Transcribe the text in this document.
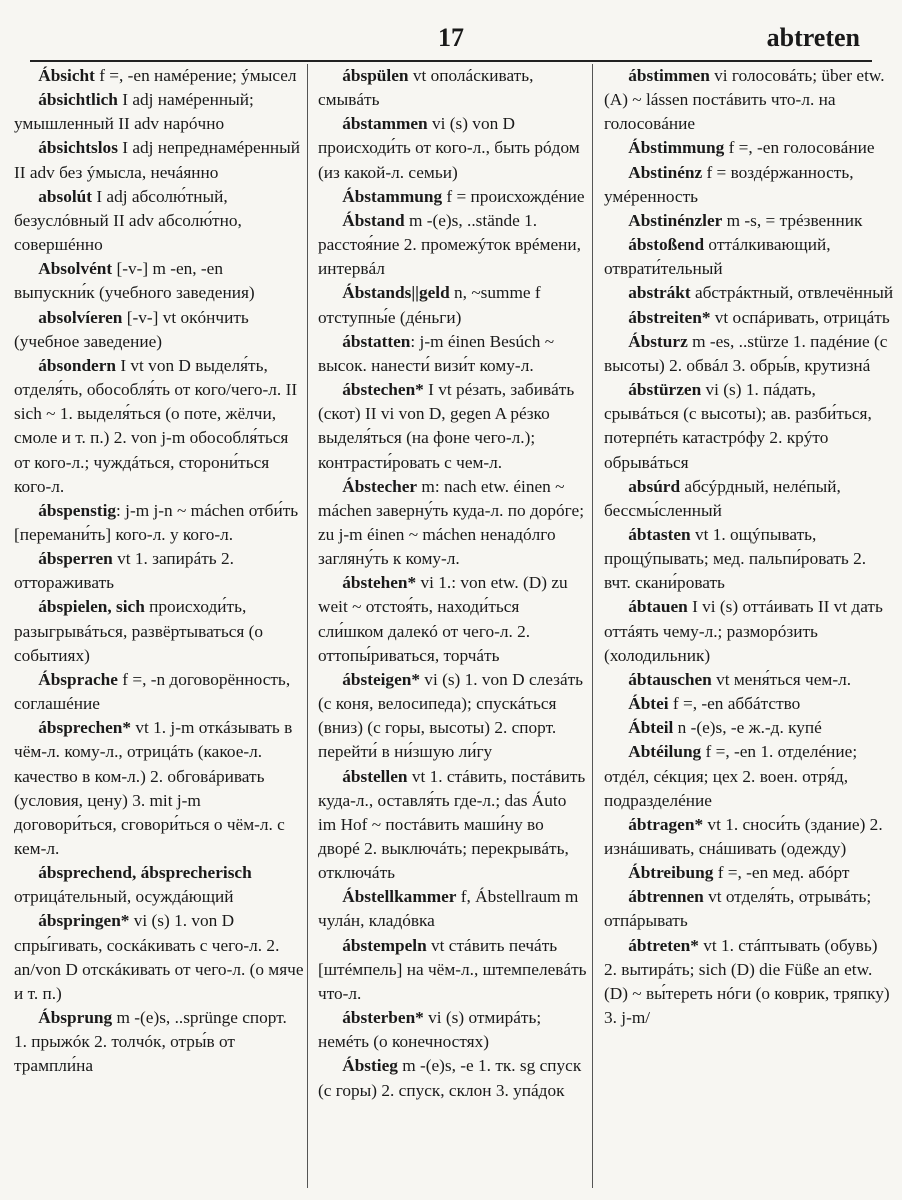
17	abtreten

Ábsicht f =, -en намéрение; ýмысел

ábsichtlich I adj намéренный; умышленный II adv нарóчно

ábsichtslos I adj непреднамéренный II adv без ýмысла, нечáянно

absolút I adj абсолю́тный, безуслóвный II adv абсолю́тно, совершéнно

Absolvént [-v-] m -en, -en выпускни́к (учебного заведения)

absolvíeren [-v-] vt окóнчить (учебное заведение)

ábsondern I vt von D выделя́ть, отделя́ть, обособля́ть от кого/чего-л. II sich ~ 1. выделя́ться (о поте, жёлчи, смоле и т. п.) 2. von j-m обособля́ться от кого-л.; чуждáться, сторони́ться кого-л.

ábspenstig: j-m j-n ~ máchen отби́ть [перемани́ть] кого-л. у кого-л.

ábsperren vt 1. запирáть 2. оттораживать

ábspielen, sich происходи́ть, разыгрывáться, развёртываться (о событиях)

Ábsprache f =, -n договорённость, соглашéние

ábsprechen* vt 1. j-m откáзывать в чём-л. кому-л., отрицáть (какое-л. качество в ком-л.) 2. обговáривать (условия, цену) 3. mit j-m договори́ться, сговори́ться о чём-л. с кем-л.

ábsprechend, ábsprecherisch отрицáтельный, осуждáющий

ábspringen* vi (s) 1. von D спры́гивать, соскáкивать с чего-л. 2. an/von D отскáкивать от чего-л. (о мяче и т. п.)

Ábsprung m -(e)s, ..sprünge спорт. 1. прыжóк 2. толчóк, отры́в от трампли́на

ábspülen vt ополáскивать, смывáть

ábstammen vi (s) von D происходи́ть от кого-л., быть рóдом (из какой-л. семьи)

Ábstammung f = происхождéние

Ábstand m -(e)s, ..stände 1. расстоя́ние 2. промежýток врéмени, интервáл

Ábstands||geld n, ~summe f отступны́е (дéньги)

ábstatten: j-m éinen Besúch ~ высок. нанести́ визи́т кому-л.

ábstechen* I vt рéзать, забивáть (скот) II vi von D, gegen A рéзко выделя́ться (на фоне чего-л.); контрасти́ровать с чем-л.

Ábstecher m: nach etw. éinen ~ máchen заверну́ть куда-л. по дорóге; zu j-m éinen ~ máchen ненадóлго загляну́ть к кому-л.

ábstehen* vi 1.: von etw. (D) zu weit ~ отстоя́ть, находи́ться сли́шком далекó от чего-л. 2. оттопы́риваться, торчáть

ábsteigen* vi (s) 1. von D слезáть (с коня, велосипеда); спускáться (вниз) (с горы, высоты) 2. спорт. перейти́ в ни́зшую ли́гу

ábstellen vt 1. стáвить, постáвить куда-л., оставля́ть где-л.; das Áuto im Hof ~ постáвить маши́ну во дворé 2. выключáть; перекрывáть, отключáть

Ábstellkammer f, Ábstellraum m чулáн, кладóвка

ábstempeln vt стáвить печáть [штéмпель] на чём-л., штемпелевáть что-л.

ábsterben* vi (s) отмирáть; немéть (о конечностях)

Ábstieg m -(e)s, -e 1. тк. sg спуск (с горы) 2. спуск, склон 3. упáдок

ábstimmen vi голосовáть; über etw. (A) ~ lássen постáвить что-л. на голосовáние

Ábstimmung f =, -en голосовáние

Abstinénz f = воздéржанность, умéренность

Abstinénzler m -s, = трéзвенник

ábstoßend оттáлкивающий, отврати́тельный

abstrákt абстрáктный, отвлечённый

ábstreiten* vt оспáривать, отрицáть

Ábsturz m -es, ..stürze 1. падéние (с высоты) 2. обвáл 3. обры́в, крутизнá

ábstürzen vi (s) 1. пáдать, срывáться (с высоты); ав. разби́ться, потерпéть катастрóфу 2. крýто обрывáться

absúrd абсýрдный, нелéпый, бессмы́сленный

ábtasten vt 1. ощýпывать, прощýпывать; мед. пальпи́ровать 2. вчт. скани́ровать

ábtauen I vi (s) оттáивать II vt дать оттáять чему-л.; разморóзить (холодильник)

ábtauschen vt меня́ться чем-л.

Ábtei f =, -en аббáтство

Ábteil n -(e)s, -e ж.-д. купé

Abtéilung f =, -en 1. отделéние; отдéл, сéкция; цех 2. воен. отря́д, подразделéние

ábtragen* vt 1. снoси́ть (здание) 2. изнáшивать, снáшивать (одежду)

Ábtreibung f =, -en мед. абóрт

ábtrennen vt отделя́ть, отрывáть; отпáрывать

ábtreten* vt 1. стáптывать (обувь) 2. вытирáть; sich (D) die Füße an etw. (D) ~ вы́тереть нóги (о коврик, тряпку) 3. j-m/
